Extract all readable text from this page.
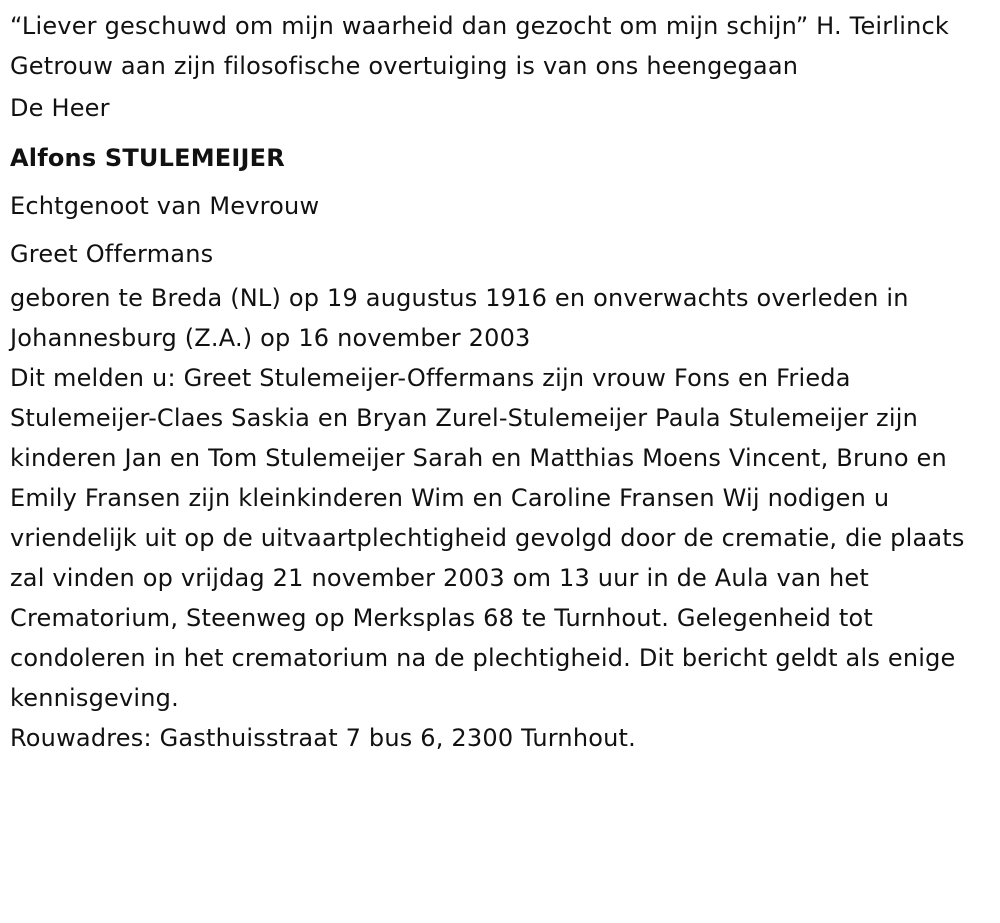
“Liever geschuwd om mijn waarheid dan gezocht om mijn schijn” H. Teirlinck Getrouw aan zijn filosofische overtuiging is van ons heengegaan

De Heer

Alfons STULEMEIJER

Echtgenoot van Mevrouw

Greet Offermans

geboren te Breda (NL) op 19 augustus 1916 en onverwachts overleden in Johannesburg (Z.A.) op 16 november 2003

Dit melden u: Greet Stulemeijer-Offermans zijn vrouw Fons en Frieda Stulemeijer-Claes Saskia en Bryan Zurel-Stulemeijer Paula Stulemeijer zijn kinderen Jan en Tom Stulemeijer Sarah en Matthias Moens Vincent, Bruno en Emily Fransen zijn kleinkinderen Wim en Caroline Fransen Wij nodigen u vriendelijk uit op de uitvaartplechtigheid gevolgd door de crematie, die plaats zal vinden op vrijdag 21 november 2003 om 13 uur in de Aula van het Crematorium, Steenweg op Merksplas 68 te Turnhout. Gelegenheid tot condoleren in het crematorium na de plechtigheid. Dit bericht geldt als enige kennisgeving.

Rouwadres: Gasthuisstraat 7 bus 6, 2300 Turnhout.
